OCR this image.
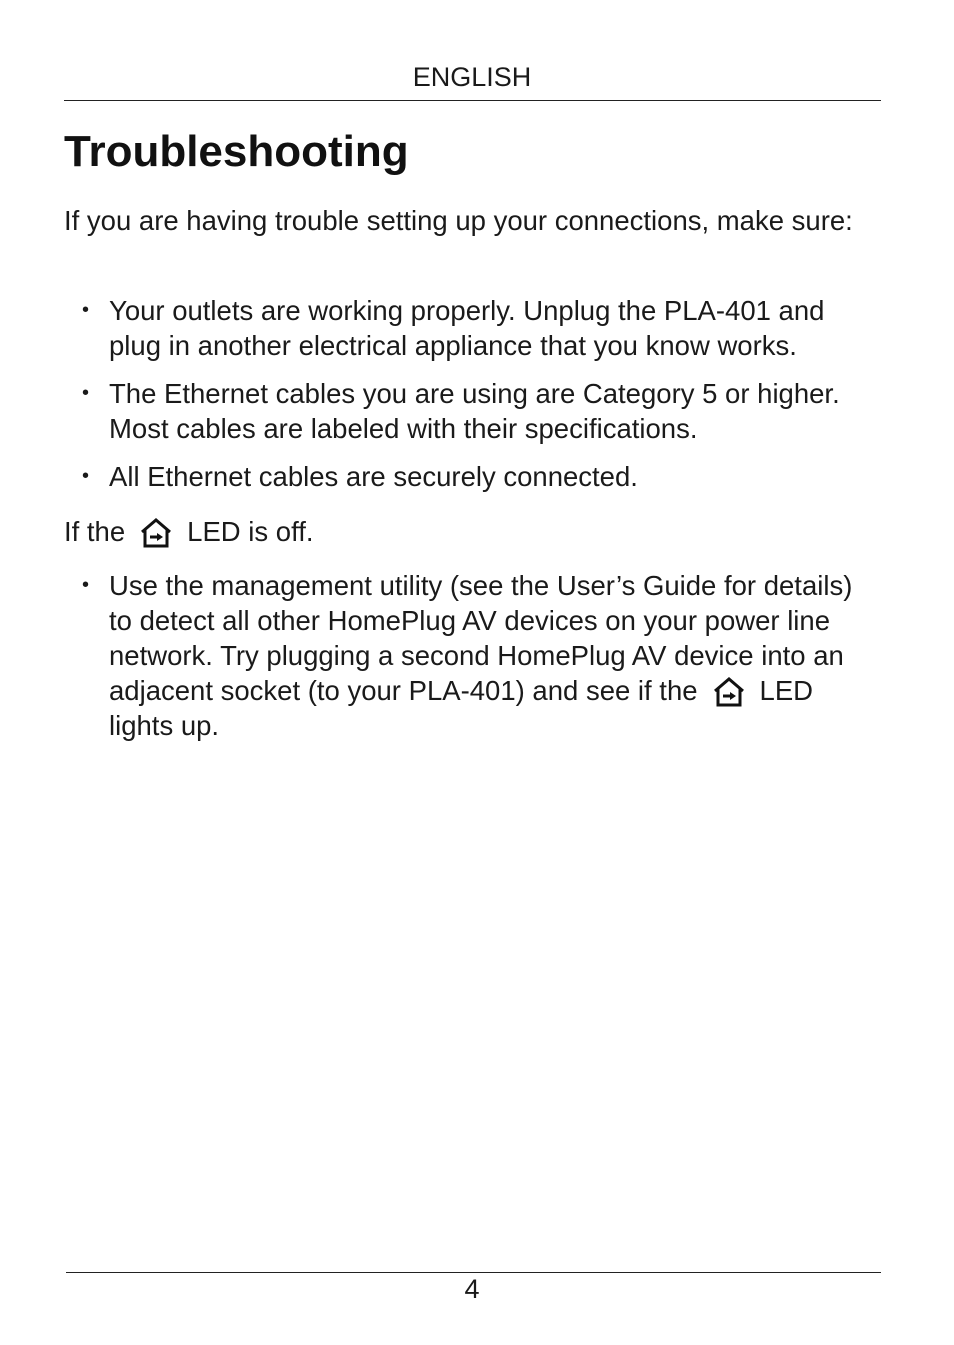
ENGLISH
Troubleshooting

If you are having trouble setting up your connections, make sure:

• Your outlets are working properly. Unplug the PLA-401 and plug in another electrical appliance that you know works.
• The Ethernet cables you are using are Category 5 or higher. Most cables are labeled with their specifications.
• All Ethernet cables are securely connected.

If the LED is off.

• Use the management utility (see the User’s Guide for details) to detect all other HomePlug AV devices on your power line network. Try plugging a second HomePlug AV device into an adjacent socket (to your PLA-401) and see if the LED lights up.
4
